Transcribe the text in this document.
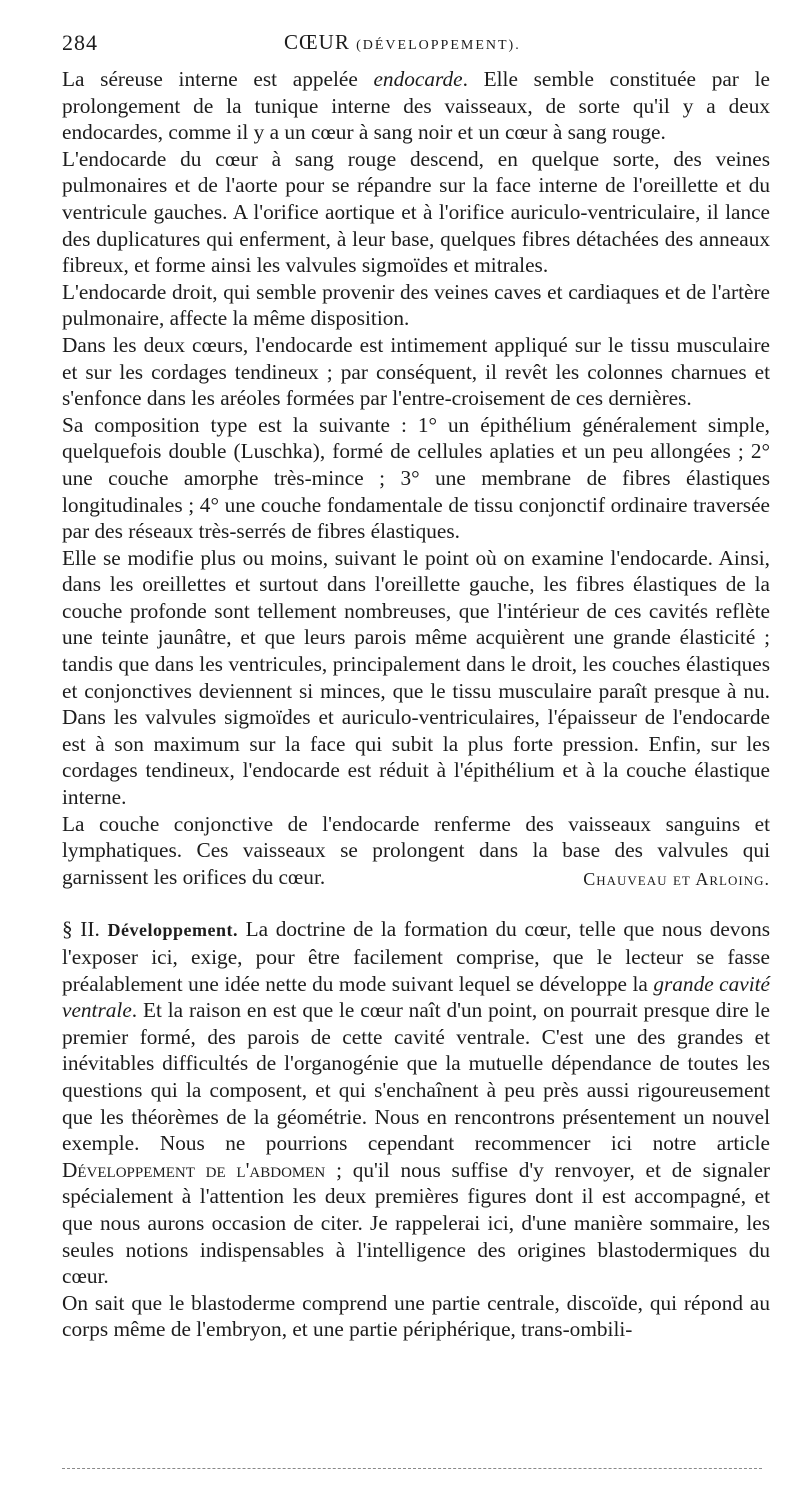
284	CŒUR (DÉVELOPPEMENT).

La séreuse interne est appelée endocarde. Elle semble constituée par le prolongement de la tunique interne des vaisseaux, de sorte qu'il y a deux endocardes, comme il y a un cœur à sang noir et un cœur à sang rouge.

L'endocarde du cœur à sang rouge descend, en quelque sorte, des veines pulmonaires et de l'aorte pour se répandre sur la face interne de l'oreillette et du ventricule gauches. A l'orifice aortique et à l'orifice auriculo-ventriculaire, il lance des duplicatures qui enferment, à leur base, quelques fibres détachées des anneaux fibreux, et forme ainsi les valvules sigmoïdes et mitrales.

L'endocarde droit, qui semble provenir des veines caves et cardiaques et de l'artère pulmonaire, affecte la même disposition.

Dans les deux cœurs, l'endocarde est intimement appliqué sur le tissu musculaire et sur les cordages tendineux ; par conséquent, il revêt les colonnes charnues et s'enfonce dans les aréoles formées par l'entre-croisement de ces dernières.

Sa composition type est la suivante : 1° un épithélium généralement simple, quelquefois double (Luschka), formé de cellules aplaties et un peu allongées ; 2° une couche amorphe très-mince ; 3° une membrane de fibres élastiques longitudinales ; 4° une couche fondamentale de tissu conjonctif ordinaire traversée par des réseaux très-serrés de fibres élastiques.

Elle se modifie plus ou moins, suivant le point où on examine l'endocarde. Ainsi, dans les oreillettes et surtout dans l'oreillette gauche, les fibres élastiques de la couche profonde sont tellement nombreuses, que l'intérieur de ces cavités reflète une teinte jaunâtre, et que leurs parois même acquièrent une grande élasticité ; tandis que dans les ventricules, principalement dans le droit, les couches élastiques et conjonctives deviennent si minces, que le tissu musculaire paraît presque à nu. Dans les valvules sigmoïdes et auriculo-ventriculaires, l'épaisseur de l'endocarde est à son maximum sur la face qui subit la plus forte pression. Enfin, sur les cordages tendineux, l'endocarde est réduit à l'épithélium et à la couche élastique interne.

La couche conjonctive de l'endocarde renferme des vaisseaux sanguins et lymphatiques. Ces vaisseaux se prolongent dans la base des valvules qui garnissent les orifices du cœur.	Chauveau et Arloing.

§ II. Développement. La doctrine de la formation du cœur, telle que nous devons l'exposer ici, exige, pour être facilement comprise, que le lecteur se fasse préalablement une idée nette du mode suivant lequel se développe la grande cavité ventrale. Et la raison en est que le cœur naît d'un point, on pourrait presque dire le premier formé, des parois de cette cavité ventrale. C'est une des grandes et inévitables difficultés de l'organogénie que la mutuelle dépendance de toutes les questions qui la composent, et qui s'enchaînent à peu près aussi rigoureusement que les théorèmes de la géométrie. Nous en rencontrons présentement un nouvel exemple. Nous ne pourrions cependant recommencer ici notre article Développement de l'abdomen ; qu'il nous suffise d'y renvoyer, et de signaler spécialement à l'attention les deux premières figures dont il est accompagné, et que nous aurons occasion de citer. Je rappelerai ici, d'une manière sommaire, les seules notions indispensables à l'intelligence des origines blastodermiques du cœur.

On sait que le blastoderme comprend une partie centrale, discoïde, qui répond au corps même de l'embryon, et une partie périphérique, trans-ombili-
